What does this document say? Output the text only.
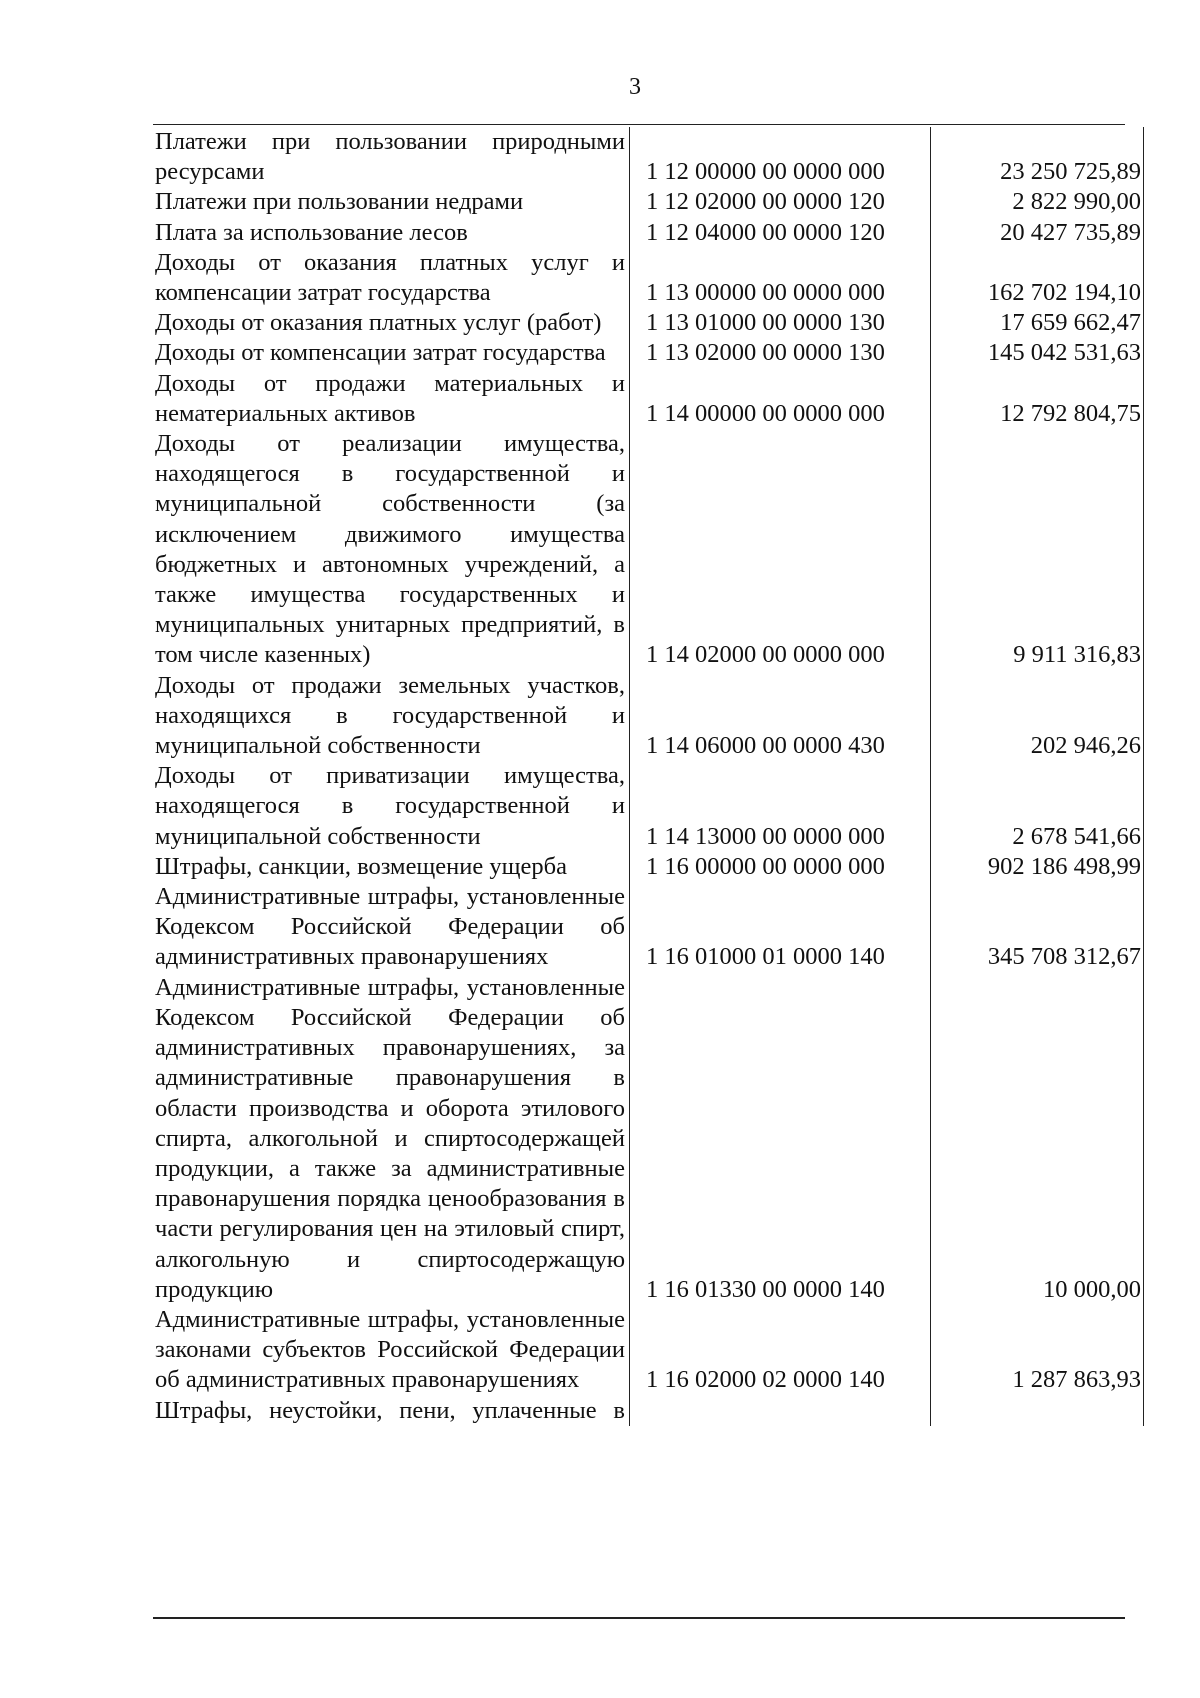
3
Платежи при пользовании природными ресурсами	1 12 00000 00 0000 000	23 250 725,89
Платежи при пользовании недрами	1 12 02000 00 0000 120	2 822 990,00
Плата за использование лесов	1 12 04000 00 0000 120	20 427 735,89
Доходы от оказания платных услуг и компенсации затрат государства	1 13 00000 00 0000 000	162 702 194,10
Доходы от оказания платных услуг (работ)	1 13 01000 00 0000 130	17 659 662,47
Доходы от компенсации затрат государства	1 13 02000 00 0000 130	145 042 531,63
Доходы от продажи материальных и нематериальных активов	1 14 00000 00 0000 000	12 792 804,75
Доходы от реализации имущества, находящегося в государственной и муниципальной собственности (за исключением движимого имущества бюджетных и автономных учреждений, а также имущества государственных и муниципальных унитарных предприятий, в том числе казенных)	1 14 02000 00 0000 000	9 911 316,83
Доходы от продажи земельных участков, находящихся в государственной и муниципальной собственности	1 14 06000 00 0000 430	202 946,26
Доходы от приватизации имущества, находящегося в государственной и муниципальной собственности	1 14 13000 00 0000 000	2 678 541,66
Штрафы, санкции, возмещение ущерба	1 16 00000 00 0000 000	902 186 498,99
Административные штрафы, установленные Кодексом Российской Федерации об административных правонарушениях	1 16 01000 01 0000 140	345 708 312,67
Административные штрафы, установленные Кодексом Российской Федерации об административных правонарушениях, за административные правонарушения в области производства и оборота этилового спирта, алкогольной и спиртосодержащей продукции, а также за административные правонарушения порядка ценообразования в части регулирования цен на этиловый спирт, алкогольную и спиртосодержащую продукцию	1 16 01330 00 0000 140	10 000,00
Административные штрафы, установленные законами субъектов Российской Федерации об административных правонарушениях	1 16 02000 02 0000 140	1 287 863,93
Штрафы, неустойки, пени, уплаченные в		
